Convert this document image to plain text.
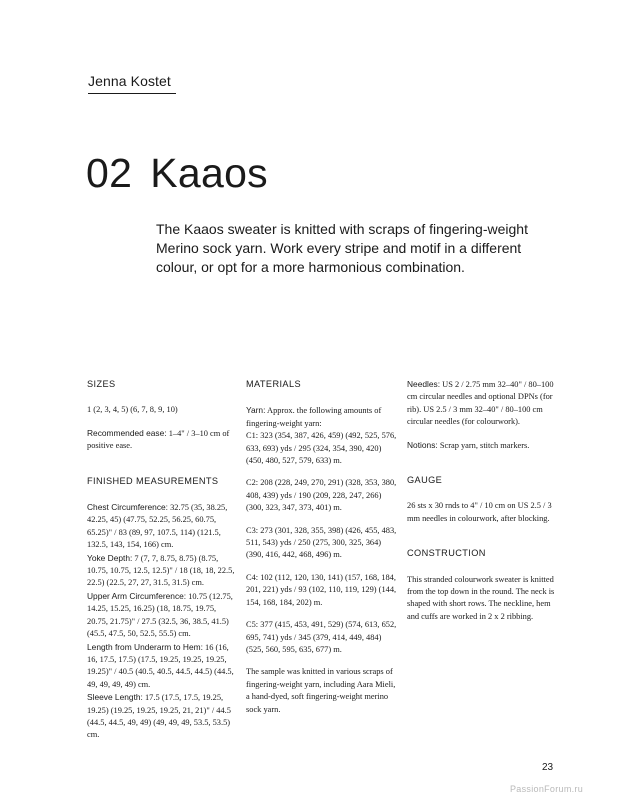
Jenna Kostet
02 Kaaos

The Kaaos sweater is knitted with scraps of fingering-weight Merino sock yarn. Work every stripe and motif in a different colour, or opt for a more harmonious combination.

SIZES

1 (2, 3, 4, 5) (6, 7, 8, 9, 10)

Recommended ease: 1–4" / 3–10 cm of positive ease.

FINISHED MEASUREMENTS
Chest Circumference: 32.75 (35, 38.25, 42.25, 45) (47.75, 52.25, 56.25, 60.75, 65.25)" / 83 (89, 97, 107.5, 114) (121.5, 132.5, 143, 154, 166) cm.
Yoke Depth: 7 (7, 7, 8.75, 8.75) (8.75, 10.75, 10.75, 12.5, 12.5)" / 18 (18, 18, 22.5, 22.5) (22.5, 27, 27, 31.5, 31.5) cm.
Upper Arm Circumference: 10.75 (12.75, 14.25, 15.25, 16.25) (18, 18.75, 19.75, 20.75, 21.75)" / 27.5 (32.5, 36, 38.5, 41.5) (45.5, 47.5, 50, 52.5, 55.5) cm.
Length from Underarm to Hem: 16 (16, 16, 17.5, 17.5) (17.5, 19.25, 19.25, 19.25, 19.25)" / 40.5 (40.5, 40.5, 44.5, 44.5) (44.5, 49, 49, 49, 49) cm.
Sleeve Length: 17.5 (17.5, 17.5, 19.25, 19.25) (19.25, 19.25, 19.25, 21, 21)" / 44.5 (44.5, 44.5, 49, 49) (49, 49, 49, 53.5, 53.5) cm.
MATERIALS

Yarn: Approx. the following amounts of fingering-weight yarn:

C1: 323 (354, 387, 426, 459) (492, 525, 576, 633, 693) yds / 295 (324, 354, 390, 420) (450, 480, 527, 579, 633) m.

C2: 208 (228, 249, 270, 291) (328, 353, 380, 408, 439) yds / 190 (209, 228, 247, 266) (300, 323, 347, 373, 401) m.

C3: 273 (301, 328, 355, 398) (426, 455, 483, 511, 543) yds / 250 (275, 300, 325, 364) (390, 416, 442, 468, 496) m.

C4: 102 (112, 120, 130, 141) (157, 168, 184, 201, 221) yds / 93 (102, 110, 119, 129) (144, 154, 168, 184, 202) m.

C5: 377 (415, 453, 491, 529) (574, 613, 652, 695, 741) yds / 345 (379, 414, 449, 484) (525, 560, 595, 635, 677) m.

The sample was knitted in various scraps of fingering-weight yarn, including Aara Mieli, a hand-dyed, soft fingering-weight merino sock yarn.

Needles: US 2 / 2.75 mm 32–40" / 80–100 cm circular needles and optional DPNs (for rib). US 2.5 / 3 mm 32–40" / 80–100 cm circular needles (for colourwork).

Notions: Scrap yarn, stitch markers.

GAUGE

26 sts x 30 rnds to 4" / 10 cm on US 2.5 / 3 mm needles in colourwork, after blocking.

CONSTRUCTION

This stranded colourwork sweater is knitted from the top down in the round. The neck is shaped with short rows. The neckline, hem and cuffs are worked in 2 x 2 ribbing.

23
PassionForum.ru
